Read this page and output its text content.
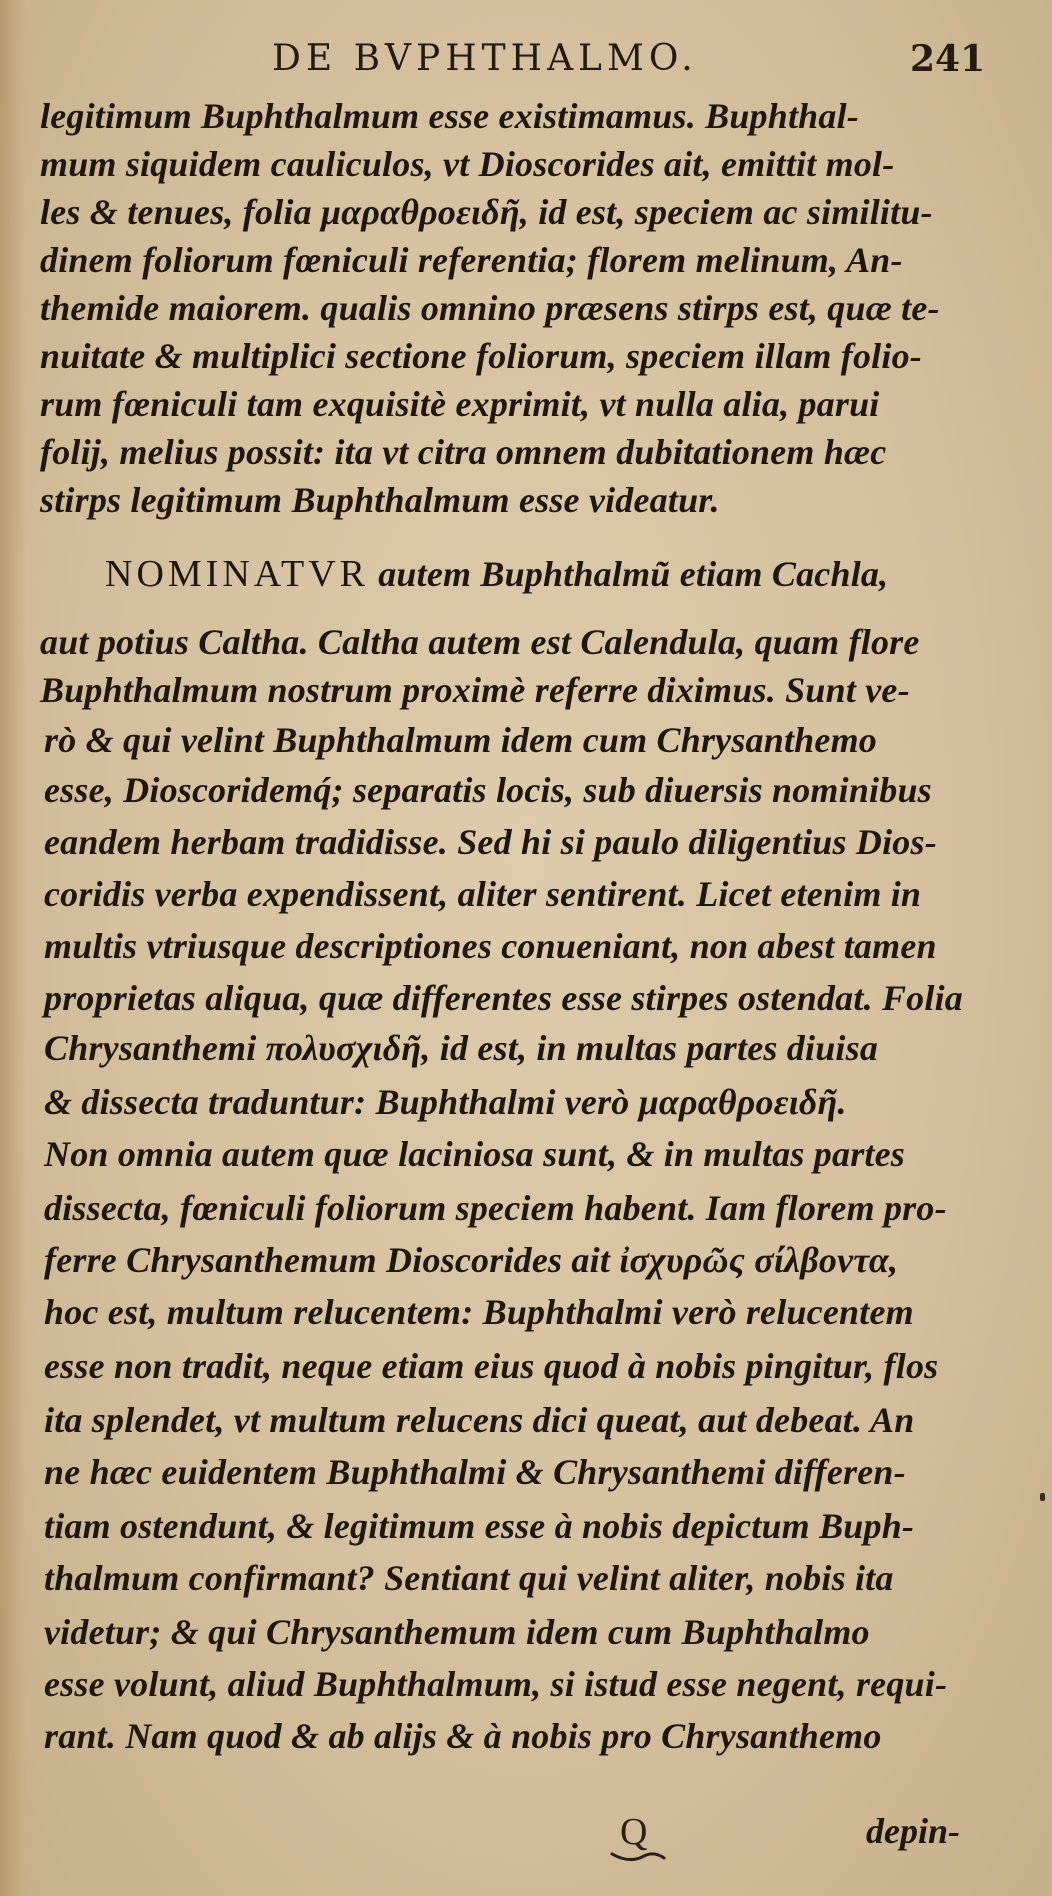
DE BVPHTHALMO.	241
legitimum Buphthalmum esse existimamus. Buphthal-
mum siquidem cauliculos, vt Dioscorides ait, emittit mol-
les & tenues, folia μαραθροειδῆ, id est, speciem ac similitu-
dinem foliorum fœniculi referentia; florem melinum, An-
themide maiorem. qualis omnino præsens stirps est, quæ te-
nuitate & multiplici sectione foliorum, speciem illam folio-
rum fœniculi tam exquisitè exprimit, vt nulla alia, parui
folij, melius possit: ita vt citra omnem dubitationem hæc
stirps legitimum Buphthalmum esse videatur.
NOMINATVR autem Buphthalmũ etiam Cachla,
aut potius Caltha. Caltha autem est Calendula, quam flore
Buphthalmum nostrum proximè referre diximus. Sunt ve-
rò & qui velint Buphthalmum idem cum Chrysanthemo
esse, Dioscoridemq́; separatis locis, sub diuersis nominibus
eandem herbam tradidisse. Sed hi si paulo diligentius Dios-
coridis verba expendissent, aliter sentirent. Licet etenim in
multis vtriusque descriptiones conueniant, non abest tamen
proprietas aliqua, quæ differentes esse stirpes ostendat. Folia
Chrysanthemi πολυσχιδῆ, id est, in multas partes diuisa
& dissecta traduntur: Buphthalmi verò μαραθροειδῆ.
Non omnia autem quæ laciniosa sunt, & in multas partes
dissecta, fœniculi foliorum speciem habent. Iam florem pro-
ferre Chrysanthemum Dioscorides ait ἰσχυρῶς σίλβοντα,
hoc est, multum relucentem: Buphthalmi verò relucentem
esse non tradit, neque etiam eius quod à nobis pingitur, flos
ita splendet, vt multum relucens dici queat, aut debeat. An
ne hæc euidentem Buphthalmi & Chrysanthemi differen-
tiam ostendunt, & legitimum esse à nobis depictum Buph-
thalmum confirmant? Sentiant qui velint aliter, nobis ita
videtur; & qui Chrysanthemum idem cum Buphthalmo
esse volunt, aliud Buphthalmum, si istud esse negent, requi-
rant. Nam quod & ab alijs & à nobis pro Chrysanthemo
Q	depin-
